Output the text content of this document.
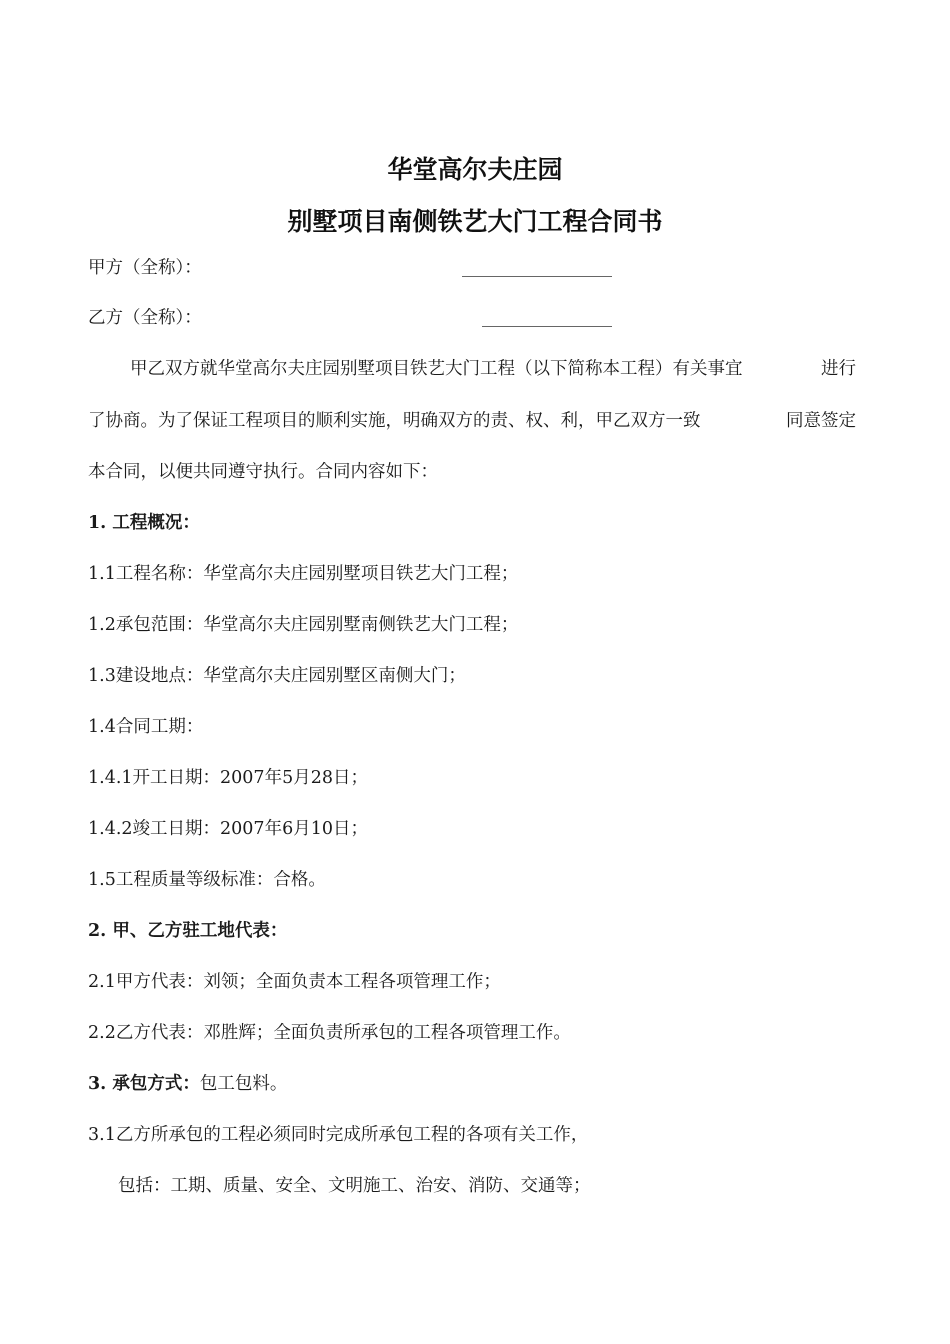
华堂高尔夫庄园
别墅项目南侧铁艺大门工程合同书
甲方（全称）：
乙方（全称）：
甲乙双方就华堂高尔夫庄园别墅项目铁艺大门工程（以下简称本工程）有关事宜	进行
了协商。为了保证工程项目的顺利实施，明确双方的责、权、利，甲乙双方一致	同意签定
本合同，以便共同遵守执行。合同内容如下：
1. 工程概况：
1.1工程名称：华堂高尔夫庄园别墅项目铁艺大门工程；
1.2承包范围：华堂高尔夫庄园别墅南侧铁艺大门工程；
1.3建设地点：华堂高尔夫庄园别墅区南侧大门；
1.4合同工期：
1.4.1开工日期：2007年5月28日；
1.4.2竣工日期：2007年6月10日；
1.5工程质量等级标准：合格。
2. 甲、乙方驻工地代表：
2.1甲方代表：刘领；全面负责本工程各项管理工作；
2.2乙方代表：邓胜辉；全面负责所承包的工程各项管理工作。
3. 承包方式：包工包料。
3.1乙方所承包的工程必须同时完成所承包工程的各项有关工作，
包括：工期、质量、安全、文明施工、治安、消防、交通等；
